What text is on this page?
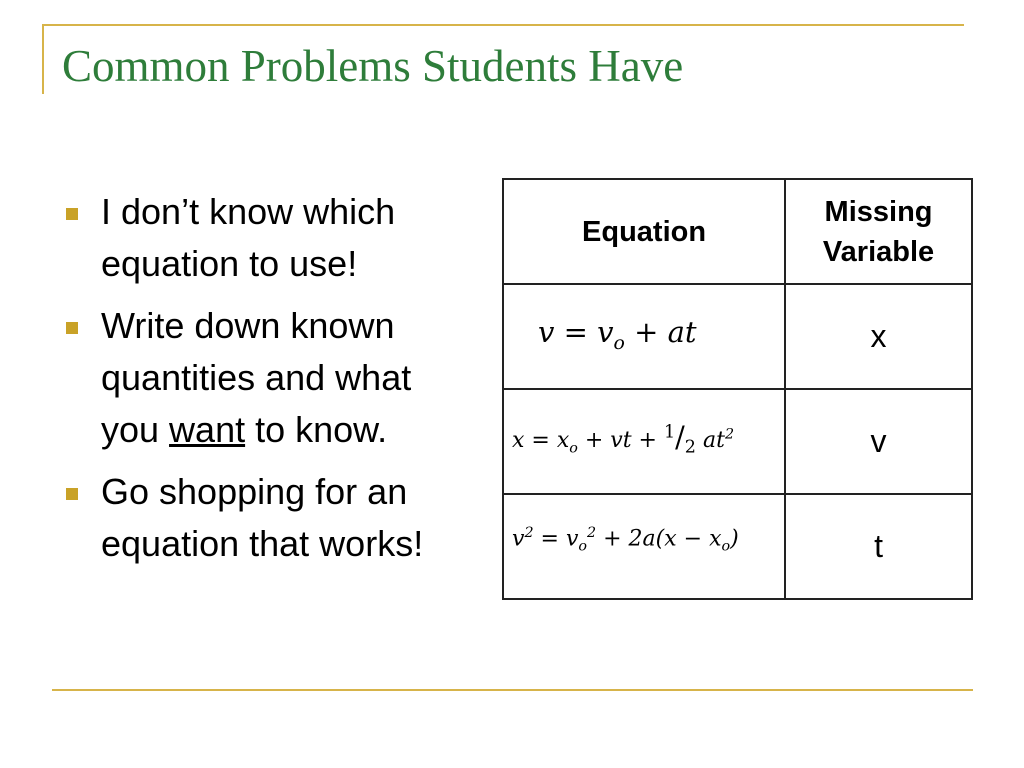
Common Problems Students Have
I don’t know which
equation to use!
Write down known
quantities and what
you want to know.
Go shopping for an
equation that works!
Equation	Missing
Variable

$v = v_o$ + at	x

$x = x_o$ + vt + $^1/_2$ $at^2$	v

$v^2 = v_o^2 + 2a(x - x_o)$	t
